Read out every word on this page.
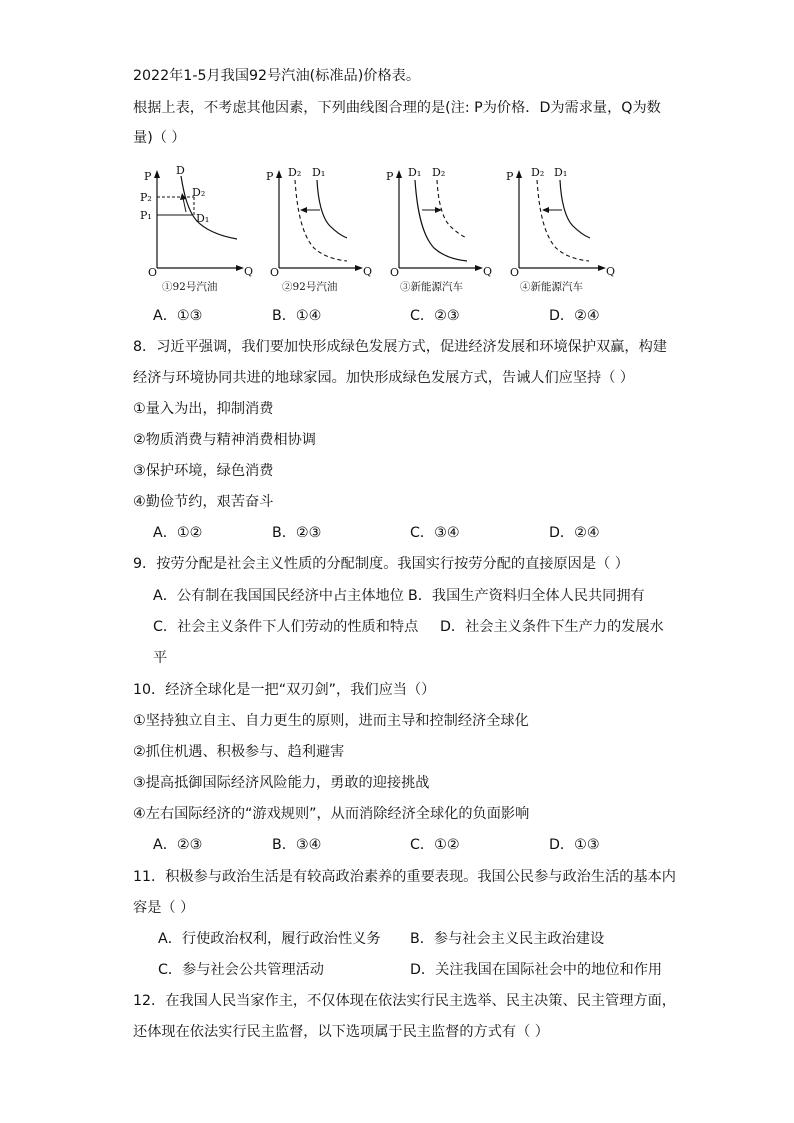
2022年1-5月我国92号汽油(标准品)价格表。
根据上表，不考虑其他因素，下列曲线图合理的是(注: P为价格．D为需求量，Q为数
量)（ ）
P
Q
O
D
P₂
P₁
D₂
D₁
①92号汽油
P
Q
O
D₂ D₁
②92号汽油
P
Q
O
D₁ D₂
③新能源汽车
P
Q
O
D₂ D₁
④新能源汽车
A．①③	B．①④	C．②③	D．②④
8．习近平强调，我们要加快形成绿色发展方式，促进经济发展和环境保护双赢，构建
经济与环境协同共进的地球家园。加快形成绿色发展方式，告诫人们应坚持（ ）
①量入为出，抑制消费
②物质消费与精神消费相协调
③保护环境，绿色消费
④勤俭节约，艰苦奋斗
A．①②	B．②③	C．③④	D．②④
9．按劳分配是社会主义性质的分配制度。我国实行按劳分配的直接原因是（ ）
A．公有制在我国国民经济中占主体地位 B．我国生产资料归全体人民共同拥有
C．社会主义条件下人们劳动的性质和特点 D．社会主义条件下生产力的发展水
平
10．经济全球化是一把“双刃剑”，我们应当（）
①坚持独立自主、自力更生的原则，进而主导和控制经济全球化
②抓住机遇、积极参与、趋利避害
③提高抵御国际经济风险能力，勇敢的迎接挑战
④左右国际经济的“游戏规则”，从而消除经济全球化的负面影响
A．②③	B．③④	C．①②	D．①③
11．积极参与政治生活是有较高政治素养的重要表现。我国公民参与政治生活的基本内
容是（ ）
A．行使政治权利，履行政治性义务 B．参与社会主义民主政治建设
C．参与社会公共管理活动	D．关注我国在国际社会中的地位和作用
12．在我国人民当家作主，不仅体现在依法实行民主选举、民主决策、民主管理方面，
还体现在依法实行民主监督，以下选项属于民主监督的方式有（ ）
